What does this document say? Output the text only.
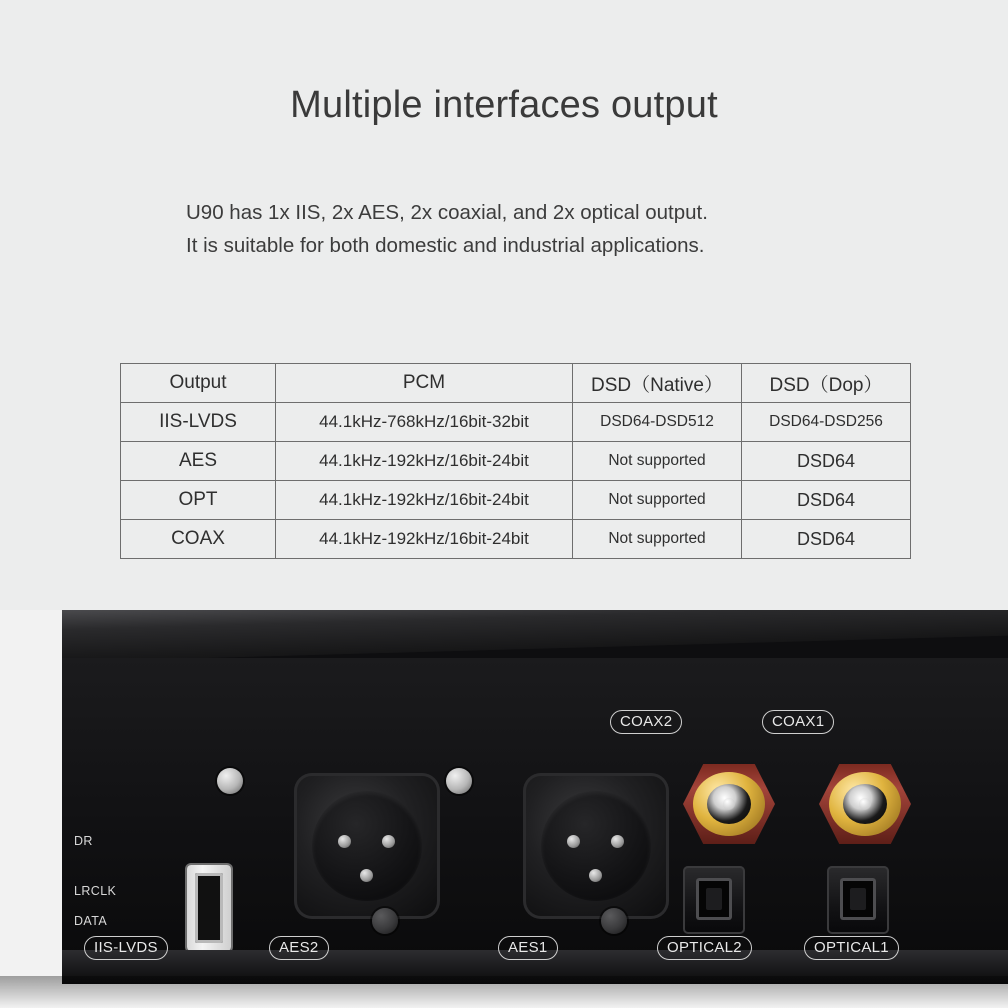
Multiple interfaces output
U90 has 1x IIS, 2x AES, 2x coaxial, and 2x optical output.
It is suitable for both domestic and industrial applications.
Output	PCM	DSD（Native）	DSD（Dop）
IIS-LVDS	44.1kHz-768kHz/16bit-32bit	DSD64-DSD512	DSD64-DSD256
AES	44.1kHz-192kHz/16bit-24bit	Not supported	DSD64
OPT	44.1kHz-192kHz/16bit-24bit	Not supported	DSD64
COAX	44.1kHz-192kHz/16bit-24bit	Not supported	DSD64
DR
LRCLK
DATA
COAX2	COAX1
IIS-LVDS	AES2	AES1	OPTICAL2	OPTICAL1
